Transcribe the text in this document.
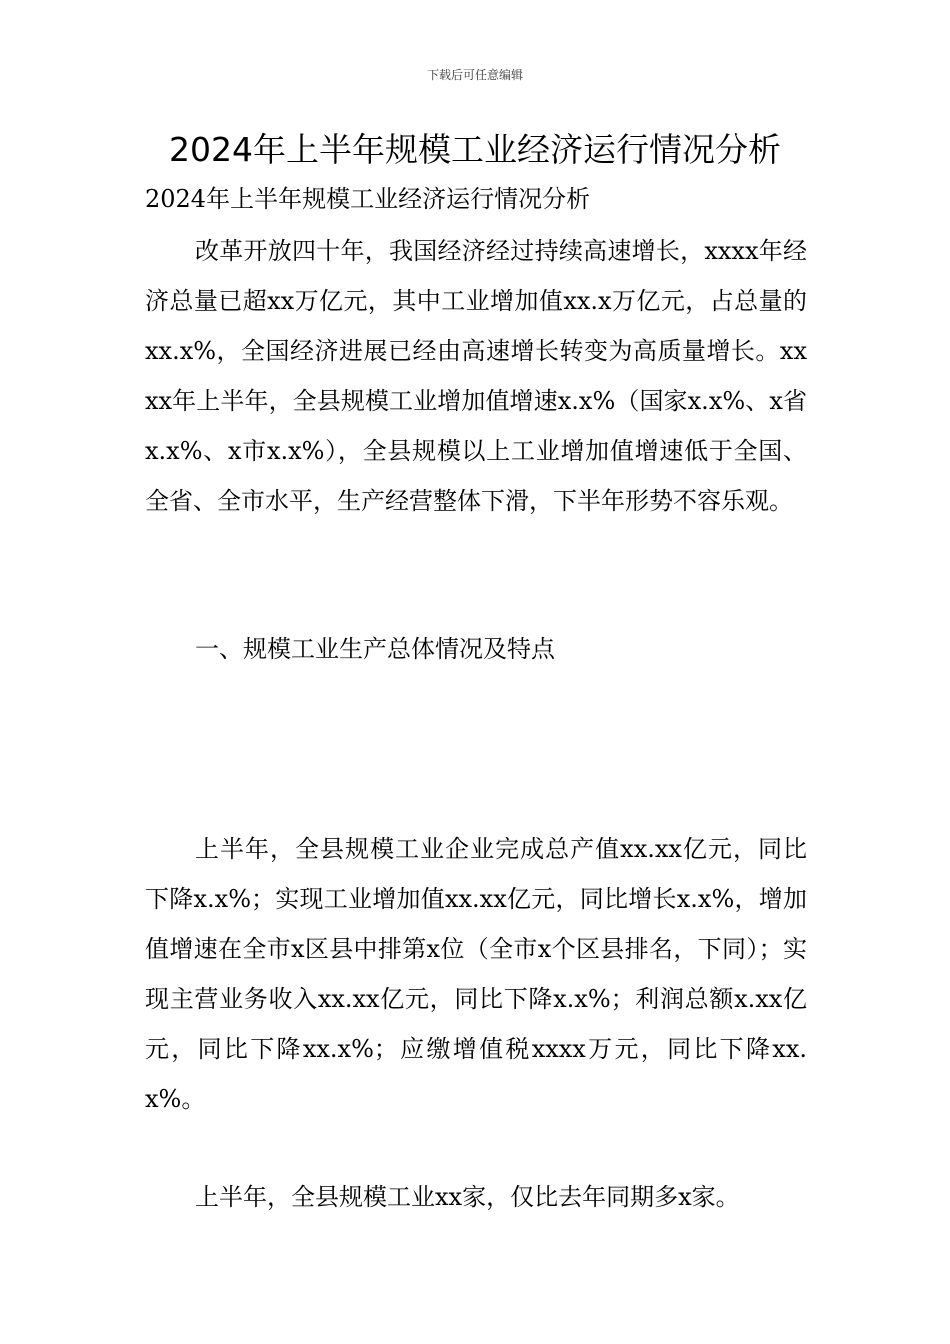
下载后可任意编辑
2024年上半年规模工业经济运行情况分析
2024年上半年规模工业经济运行情况分析

改革开放四十年，我国经济经过持续高速增长，xxxx年经济总量已超xx万亿元，其中工业增加值xx.x万亿元，占总量的xx.x%，全国经济进展已经由高速增长转变为高质量增长。xxxx年上半年，全县规模工业增加值增速x.x%（国家x.x%、x省x.x%、x市x.x%），全县规模以上工业增加值增速低于全国、全省、全市水平，生产经营整体下滑，下半年形势不容乐观。

一、规模工业生产总体情况及特点

上半年，全县规模工业企业完成总产值xx.xx亿元，同比下降x.x%；实现工业增加值xx.xx亿元，同比增长x.x%，增加值增速在全市x区县中排第x位（全市x个区县排名，下同）；实现主营业务收入xx.xx亿元，同比下降x.x%；利润总额x.xx亿元，同比下降xx.x%；应缴增值税xxxx万元，同比下降xx.x%。

上半年，全县规模工业xx家，仅比去年同期多x家。
